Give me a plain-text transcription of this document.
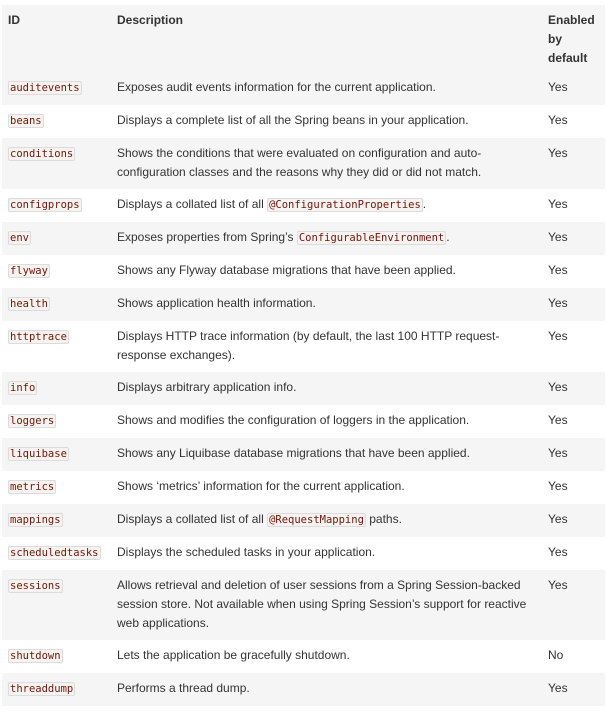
ID	Description	Enabled by default
auditevents	Exposes audit events information for the current application.	Yes
beans	Displays a complete list of all the Spring beans in your application.	Yes
conditions	Shows the conditions that were evaluated on configuration and auto-configuration classes and the reasons why they did or did not match.	Yes
configprops	Displays a collated list of all @ConfigurationProperties .	Yes
env	Exposes properties from Spring’s ConfigurableEnvironment .	Yes
flyway	Shows any Flyway database migrations that have been applied.	Yes
health	Shows application health information.	Yes
httptrace	Displays HTTP trace information (by default, the last 100 HTTP request-response exchanges).	Yes
info	Displays arbitrary application info.	Yes
loggers	Shows and modifies the configuration of loggers in the application.	Yes
liquibase	Shows any Liquibase database migrations that have been applied.	Yes
metrics	Shows ‘metrics’ information for the current application.	Yes
mappings	Displays a collated list of all @RequestMapping paths.	Yes
scheduledtasks	Displays the scheduled tasks in your application.	Yes
sessions	Allows retrieval and deletion of user sessions from a Spring Session-backed session store. Not available when using Spring Session’s support for reactive web applications.	Yes
shutdown	Lets the application be gracefully shutdown.	No
threaddump	Performs a thread dump.	Yes
